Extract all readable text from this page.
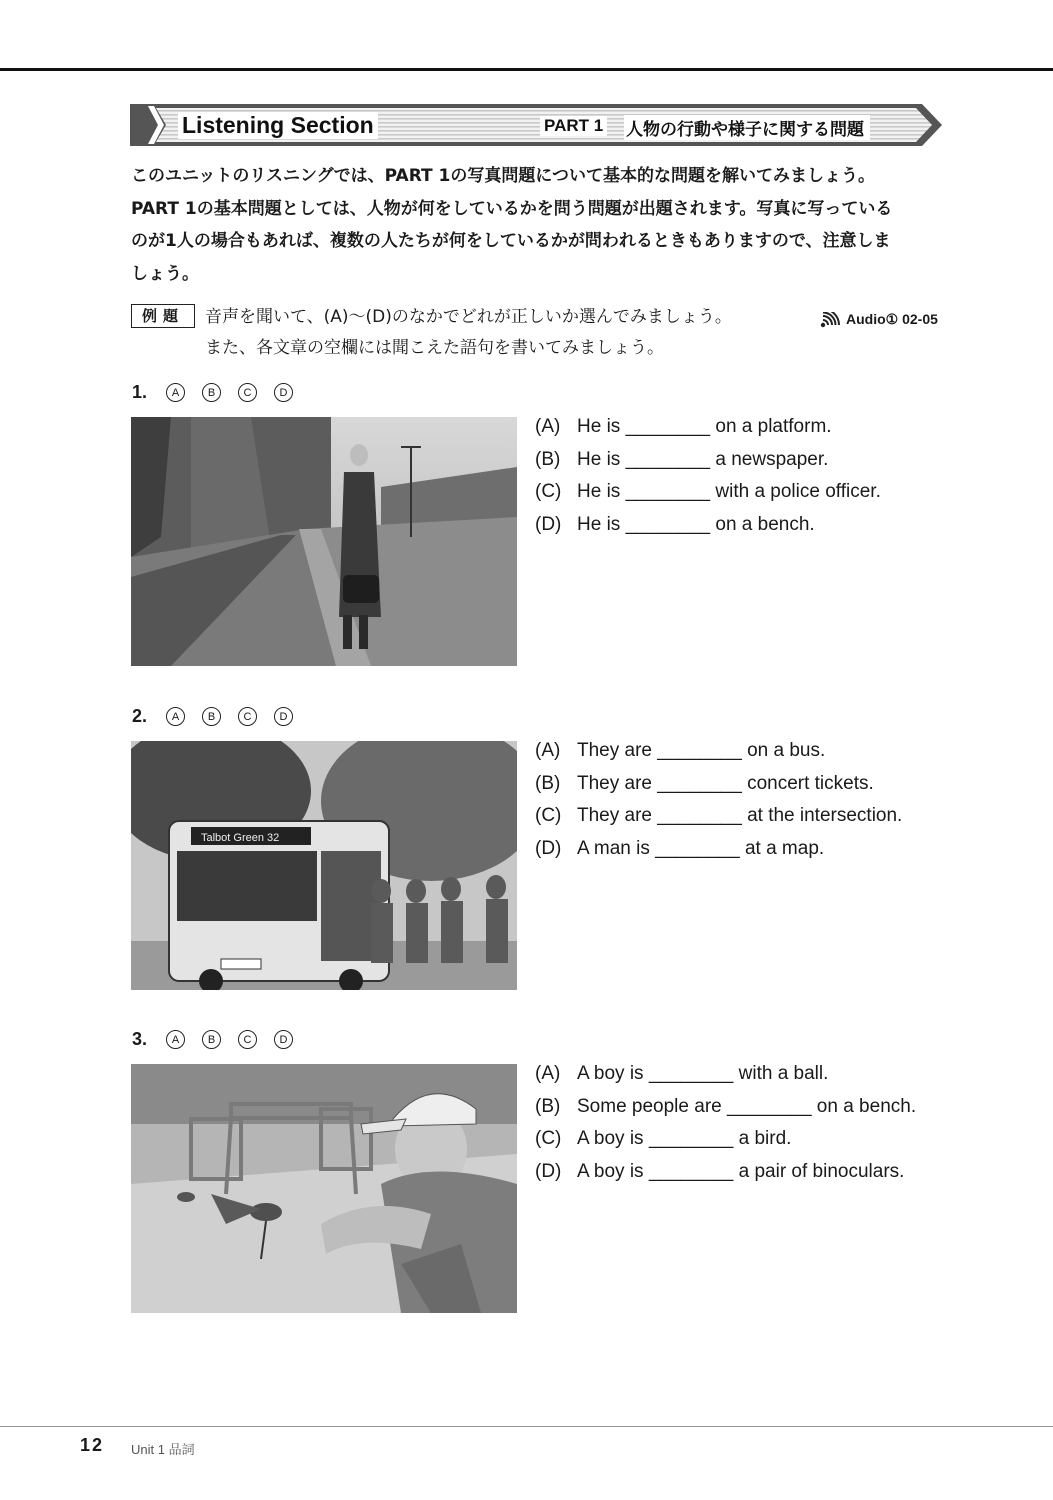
Listening Section	PART 1 人物の行動や様子に関する問題
このユニットのリスニングでは、PART 1の写真問題について基本的な問題を解いてみましょう。
PART 1の基本問題としては、人物が何をしているかを問う問題が出題されます。写真に写っている
のが1人の場合もあれば、複数の人たちが何をしているかが問われるときもありますので、注意しま
しょう。
例題	音声を聞いて、(A)～(D)のなかでどれが正しいか選んでみましょう。
また、各文章の空欄には聞こえた語句を書いてみましょう。
Audio① 02-05
1.	A	B	C	D
(A) He is ________ on a platform.
(B) He is ________ a newspaper.
(C) He is ________ with a police officer.
(D) He is ________ on a bench.
2.	A	B	C	D
Talbot Green 32
(A) They are ________ on a bus.
(B) They are ________ concert tickets.
(C) They are ________ at the intersection.
(D) A man is ________ at a map.
3.	A	B	C	D
(A) A boy is ________ with a ball.
(B) Some people are ________ on a bench.
(C) A boy is ________ a bird.
(D) A boy is ________ a pair of binoculars.
12 Unit 1 品詞
